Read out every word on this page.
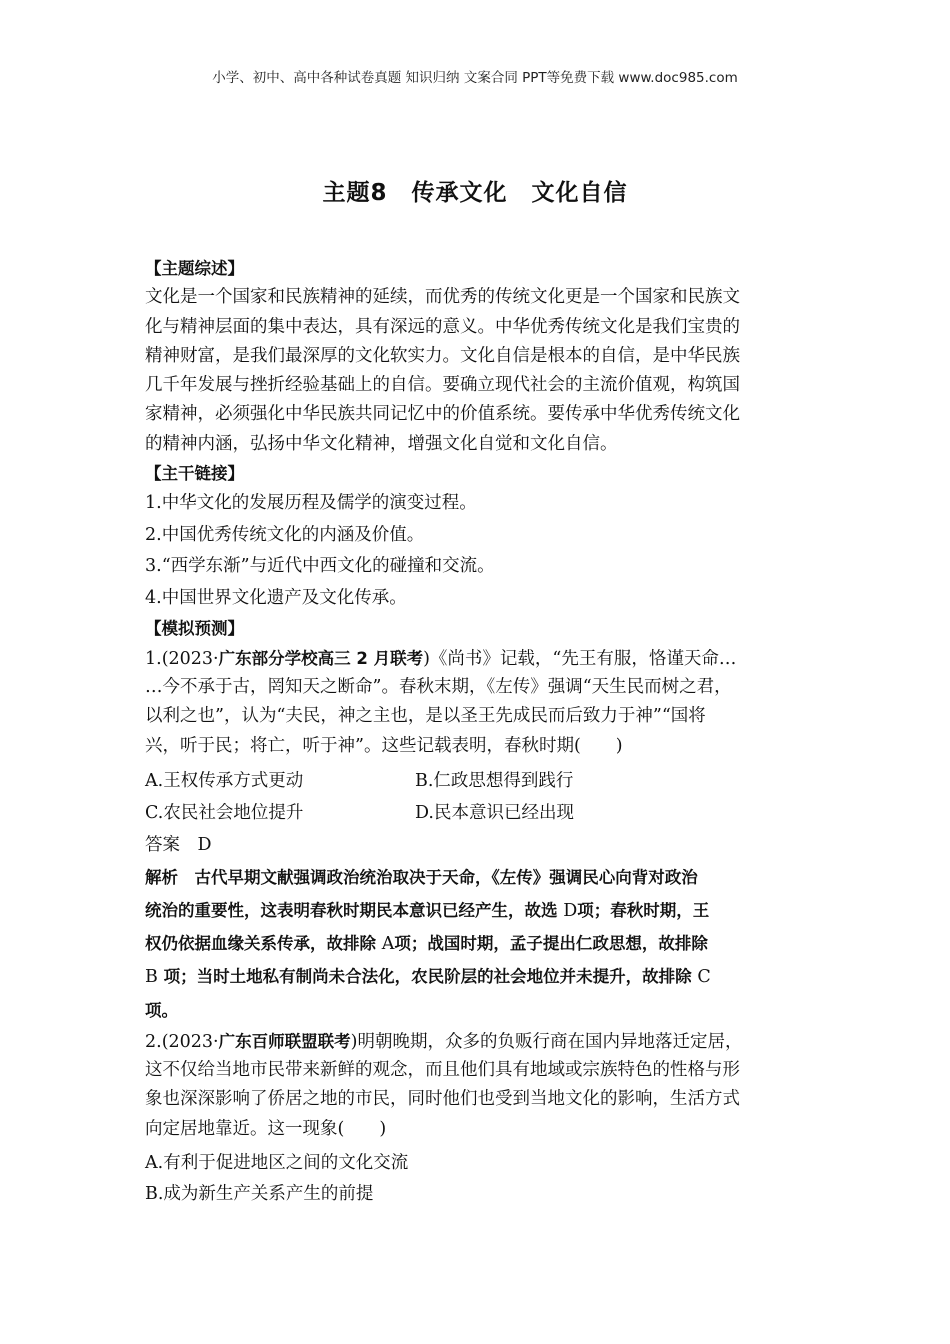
小学、初中、高中各种试卷真题 知识归纳 文案合同 PPT等免费下载 www.doc985.com
主题8　传承文化　文化自信
【主题综述】
文化是一个国家和民族精神的延续，而优秀的传统文化更是一个国家和民族文
化与精神层面的集中表达，具有深远的意义。中华优秀传统文化是我们宝贵的
精神财富，是我们最深厚的文化软实力。文化自信是根本的自信，是中华民族
几千年发展与挫折经验基础上的自信。要确立现代社会的主流价值观，构筑国
家精神，必须强化中华民族共同记忆中的价值系统。要传承中华优秀传统文化
的精神内涵，弘扬中华文化精神，增强文化自觉和文化自信。
【主干链接】
1.中华文化的发展历程及儒学的演变过程。
2.中国优秀传统文化的内涵及价值。
3.“西学东渐”与近代中西文化的碰撞和交流。
4.中国世界文化遗产及文化传承。
【模拟预测】
1.(2023·广东部分学校高三 2 月联考)《尚书》记载，“先王有服，恪谨天命…
…今不承于古，罔知天之断命”。春秋末期，《左传》强调“天生民而树之君，
以利之也”，认为“夫民，神之主也，是以圣王先成民而后致力于神”“国将
兴，听于民；将亡，听于神”。这些记载表明，春秋时期(　　)
A.王权传承方式更动	B.仁政思想得到践行
C.农民社会地位提升	D.民本意识已经出现
答案　D
解析　古代早期文献强调政治统治取决于天命，《左传》强调民心向背对政治
统治的重要性，这表明春秋时期民本意识已经产生，故选 D项；春秋时期，王
权仍依据血缘关系传承，故排除 A项；战国时期，孟子提出仁政思想，故排除
B 项；当时土地私有制尚未合法化，农民阶层的社会地位并未提升，故排除 C
项。
2.(2023·广东百师联盟联考)明朝晚期，众多的负贩行商在国内异地落迁定居，
这不仅给当地市民带来新鲜的观念，而且他们具有地域或宗族特色的性格与形
象也深深影响了侨居之地的市民，同时他们也受到当地文化的影响，生活方式
向定居地靠近。这一现象(　　)
A.有利于促进地区之间的文化交流
B.成为新生产关系产生的前提
